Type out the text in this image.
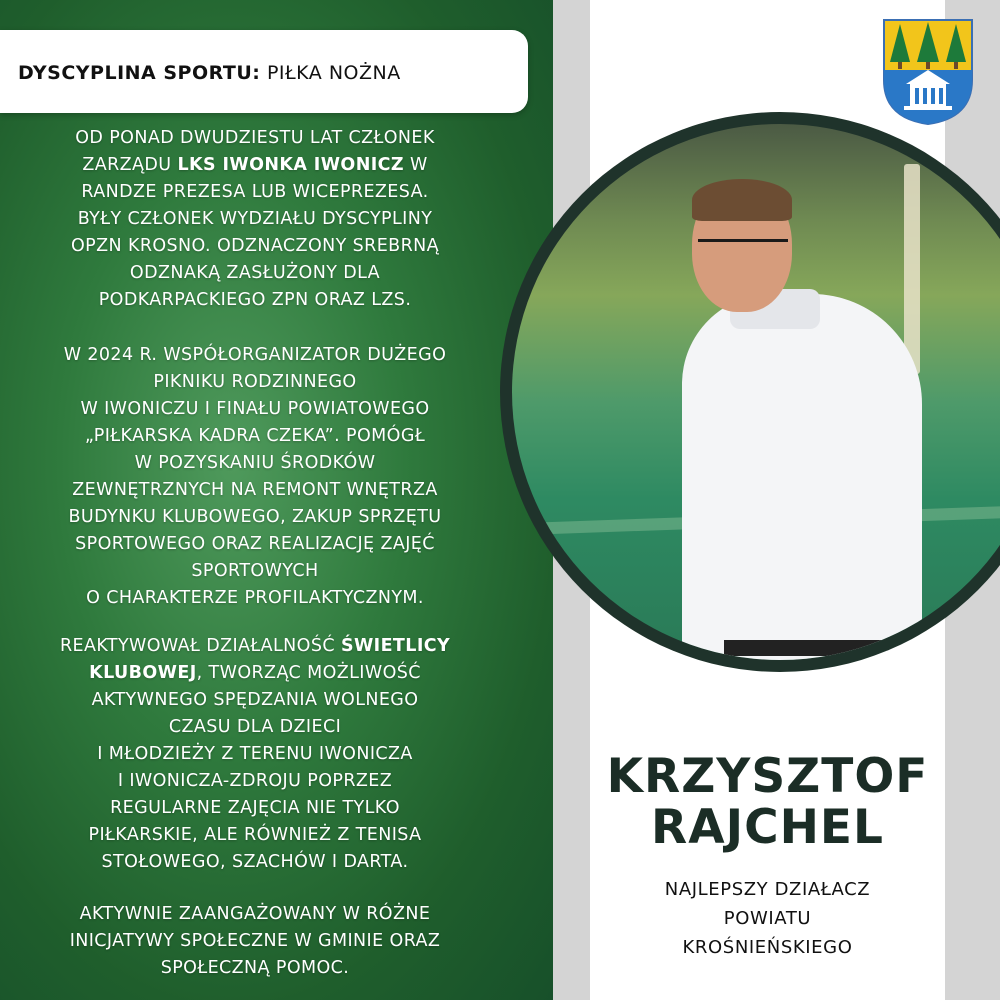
DYSCYPLINA SPORTU: PIŁKA NOŻNA
OD PONAD DWUDZIESTU LAT CZŁONEK
ZARZĄDU LKS IWONKA IWONICZ W
RANDZE PREZESA LUB WICEPREZESA.
BYŁY CZŁONEK WYDZIAŁU DYSCYPLINY
OPZN KROSNO. ODZNACZONY SREBRNĄ
ODZNAKĄ ZASŁUŻONY DLA
PODKARPACKIEGO ZPN ORAZ LZS.
W 2024 R. WSPÓŁORGANIZATOR DUŻEGO
PIKNIKU RODZINNEGO
W IWONICZU I FINAŁU POWIATOWEGO
„PIŁKARSKA KADRA CZEKA”. POMÓGŁ
W POZYSKANIU ŚRODKÓW
ZEWNĘTRZNYCH NA REMONT WNĘTRZA
BUDYNKU KLUBOWEGO, ZAKUP SPRZĘTU
SPORTOWEGO ORAZ REALIZACJĘ ZAJĘĆ
SPORTOWYCH
O CHARAKTERZE PROFILAKTYCZNYM.
REAKTYWOWAŁ DZIAŁALNOŚĆ ŚWIETLICY
KLUBOWEJ, TWORZĄC MOŻLIWOŚĆ
AKTYWNEGO SPĘDZANIA WOLNEGO
CZASU DLA DZIECI
I MŁODZIEŻY Z TERENU IWONICZA
I IWONICZA-ZDROJU POPRZEZ
REGULARNE ZAJĘCIA NIE TYLKO
PIŁKARSKIE, ALE RÓWNIEŻ Z TENISA
STOŁOWEGO, SZACHÓW I DARTA.
AKTYWNIE ZAANGAŻOWANY W RÓŻNE
INICJATYWY SPOŁECZNE W GMINIE ORAZ
SPOŁECZNĄ POMOC.
KRZYSZTOF
RAJCHEL
NAJLEPSZY DZIAŁACZ
POWIATU
KROŚNIEŃSKIEGO
